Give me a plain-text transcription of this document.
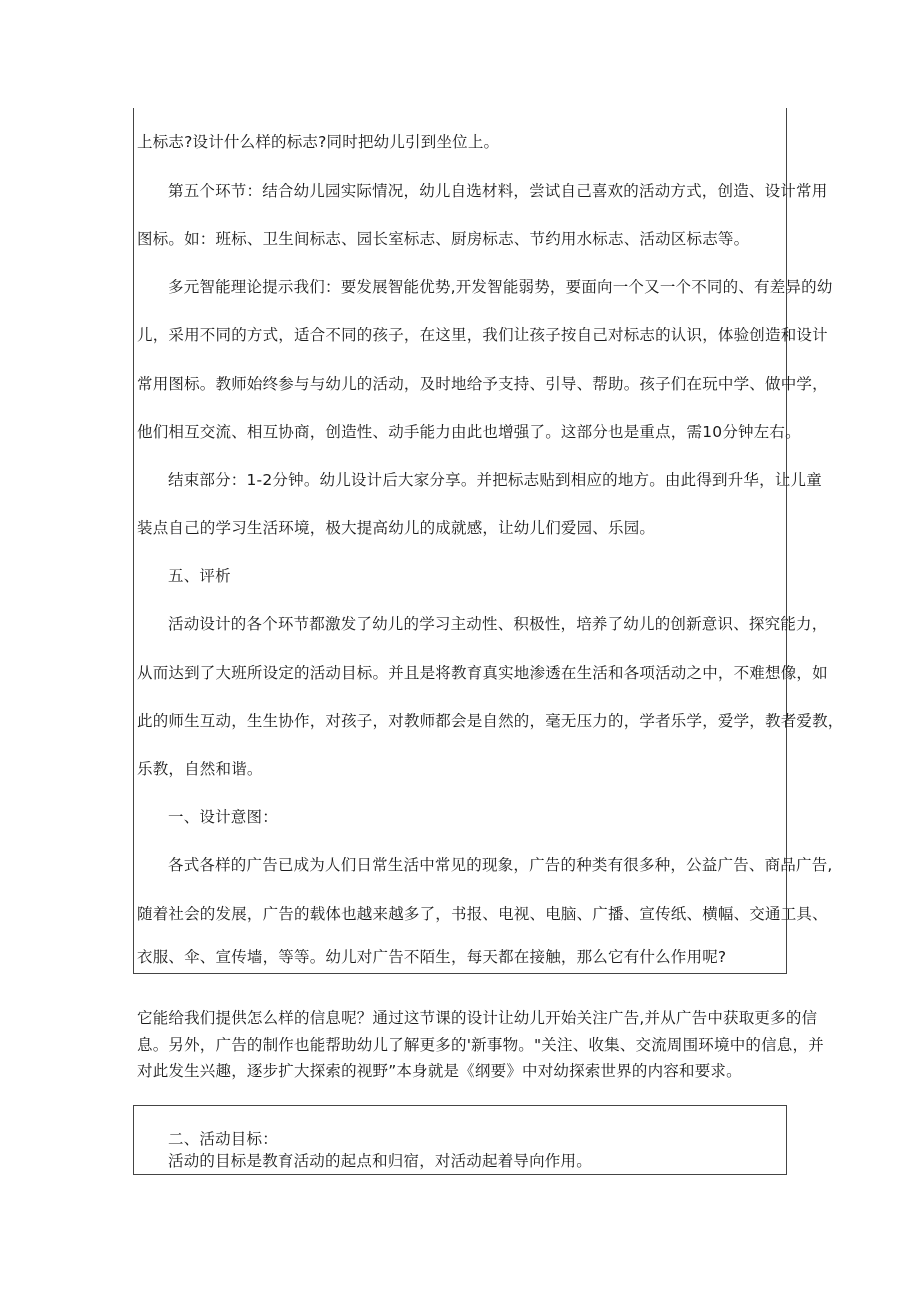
上标志?设计什么样的标志?同时把幼儿引到坐位上。
第五个环节：结合幼儿园实际情况，幼儿自选材料，尝试自己喜欢的活动方式，创造、设计常用
图标。如：班标、卫生间标志、园长室标志、厨房标志、节约用水标志、活动区标志等。
多元智能理论提示我们：要发展智能优势,开发智能弱势，要面向一个又一个不同的、有差异的幼
儿，采用不同的方式，适合不同的孩子，在这里，我们让孩子按自己对标志的认识，体验创造和设计
常用图标。教师始终参与与幼儿的活动，及时地给予支持、引导、帮助。孩子们在玩中学、做中学，
他们相互交流、相互协商，创造性、动手能力由此也增强了。这部分也是重点，需10分钟左右。
结束部分：1-2分钟。幼儿设计后大家分享。并把标志贴到相应的地方。由此得到升华，让儿童
装点自己的学习生活环境，极大提高幼儿的成就感，让幼儿们爱园、乐园。
五、评析
活动设计的各个环节都激发了幼儿的学习主动性、积极性，培养了幼儿的创新意识、探究能力，
从而达到了大班所设定的活动目标。并且是将教育真实地渗透在生活和各项活动之中，不难想像，如
此的师生互动，生生协作，对孩子，对教师都会是自然的，毫无压力的，学者乐学，爱学，教者爱教，
乐教，自然和谐。
一、设计意图：
各式各样的广告已成为人们日常生活中常见的现象，广告的种类有很多种，公益广告、商品广告,
随着社会的发展，广告的载体也越来越多了，书报、电视、电脑、广播、宣传纸、横幅、交通工具、
衣服、伞、宣传墙，等等。幼儿对广告不陌生，每天都在接触，那么它有什么作用呢?
它能给我们提供怎么样的信息呢？通过这节课的设计让幼儿开始关注广告,并从广告中获取更多的信
息。另外，广告的制作也能帮助幼儿了解更多的'新事物。"关注、收集、交流周围环境中的信息，并
对此发生兴趣，逐步扩大探索的视野”本身就是《纲要》中对幼探索世界的内容和要求。
二、活动目标：
活动的目标是教育活动的起点和归宿，对活动起着导向作用。
